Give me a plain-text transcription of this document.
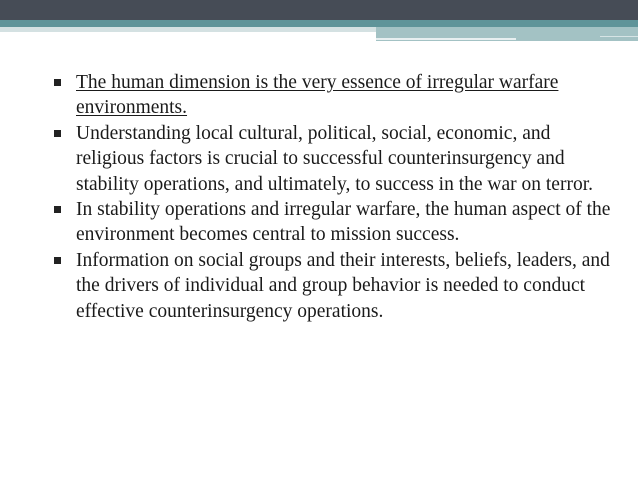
The human dimension is the very essence of irregular warfare environments.
Understanding local cultural, political, social, economic, and religious factors is crucial to successful counterinsurgency and stability operations, and ultimately, to success in the war on terror.
In stability operations and irregular warfare, the human aspect of the environment becomes central to mission success.
Information on social groups and their interests, beliefs, leaders, and the drivers of individual and group behavior is needed to conduct effective counterinsurgency operations.
